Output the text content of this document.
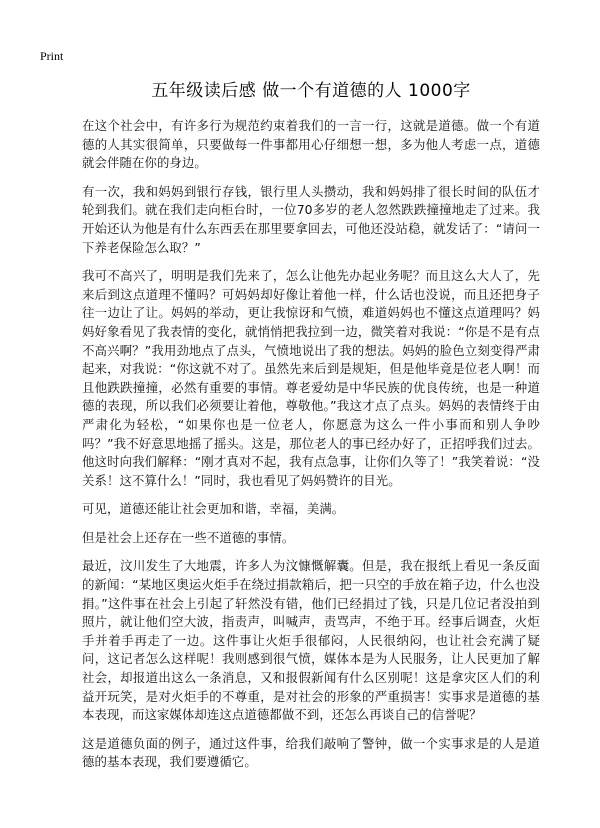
Print
五年级读后感 做一个有道德的人 1000字

在这个社会中，有许多行为规范约束着我们的一言一行，这就是道德。做一个有道德的人其实很简单，只要做每一件事都用心仔细想一想，多为他人考虑一点，道德就会伴随在你的身边。

有一次，我和妈妈到银行存钱，银行里人头攒动，我和妈妈排了很长时间的队伍才轮到我们。就在我们走向柜台时，一位70多岁的老人忽然跌跌撞撞地走了过来。我开始还认为他是有什么东西丢在那里要拿回去，可他还没站稳，就发话了：“请问一下养老保险怎么取？”

我可不高兴了，明明是我们先来了，怎么让他先办起业务呢？而且这么大人了，先来后到这点道理不懂吗？可妈妈却好像让着他一样，什么话也没说，而且还把身子往一边让了让。妈妈的举动，更让我惊讶和气愤，难道妈妈也不懂这点道理吗？妈妈好象看见了我表情的变化，就悄悄把我拉到一边，微笑着对我说：“你是不是有点不高兴啊？”我用劲地点了点头，气愤地说出了我的想法。妈妈的脸色立刻变得严肃起来，对我说：“你这就不对了。虽然先来后到是规矩，但是他毕竟是位老人啊！而且他跌跌撞撞，必然有重要的事情。尊老爱幼是中华民族的优良传统，也是一种道德的表现，所以我们必须要让着他，尊敬他。”我这才点了点头。妈妈的表情终于由严肃化为轻松，“如果你也是一位老人，你愿意为这么一件小事而和别人争吵吗？”我不好意思地摇了摇头。这是，那位老人的事已经办好了，正招呼我们过去。他这时向我们解释：“刚才真对不起，我有点急事，让你们久等了！”我笑着说：“没关系！这不算什么！”同时，我也看见了妈妈赞许的目光。

可见，道德还能让社会更加和谐，幸福，美满。

但是社会上还存在一些不道德的事情。

最近，汶川发生了大地震，许多人为汶慷慨解囊。但是，我在报纸上看见一条反面的新闻：“某地区奥运火炬手在绕过捐款箱后，把一只空的手放在箱子边，什么也没捐。”这件事在社会上引起了轩然没有错，他们已经捐过了钱，只是几位记者没拍到照片，就让他们空大波，指责声，叫喊声，责骂声，不绝于耳。经事后调查，火炬手并着手再走了一边。这件事让火炬手很郁闷，人民很纳闷，也让社会充满了疑问，这记者怎么这样呢！我则感到很气愤，媒体本是为人民服务，让人民更加了解社会，却报道出这么一条消息，又和报假新闻有什么区别呢！这是拿灾区人们的利益开玩笑，是对火炬手的不尊重，是对社会的形象的严重损害！实事求是道德的基本表现，而这家媒体却连这点道德都做不到，还怎么再谈自己的信誉呢？

这是道德负面的例子，通过这件事，给我们敲响了警钟，做一个实事求是的人是道德的基本表现，我们要遵循它。
